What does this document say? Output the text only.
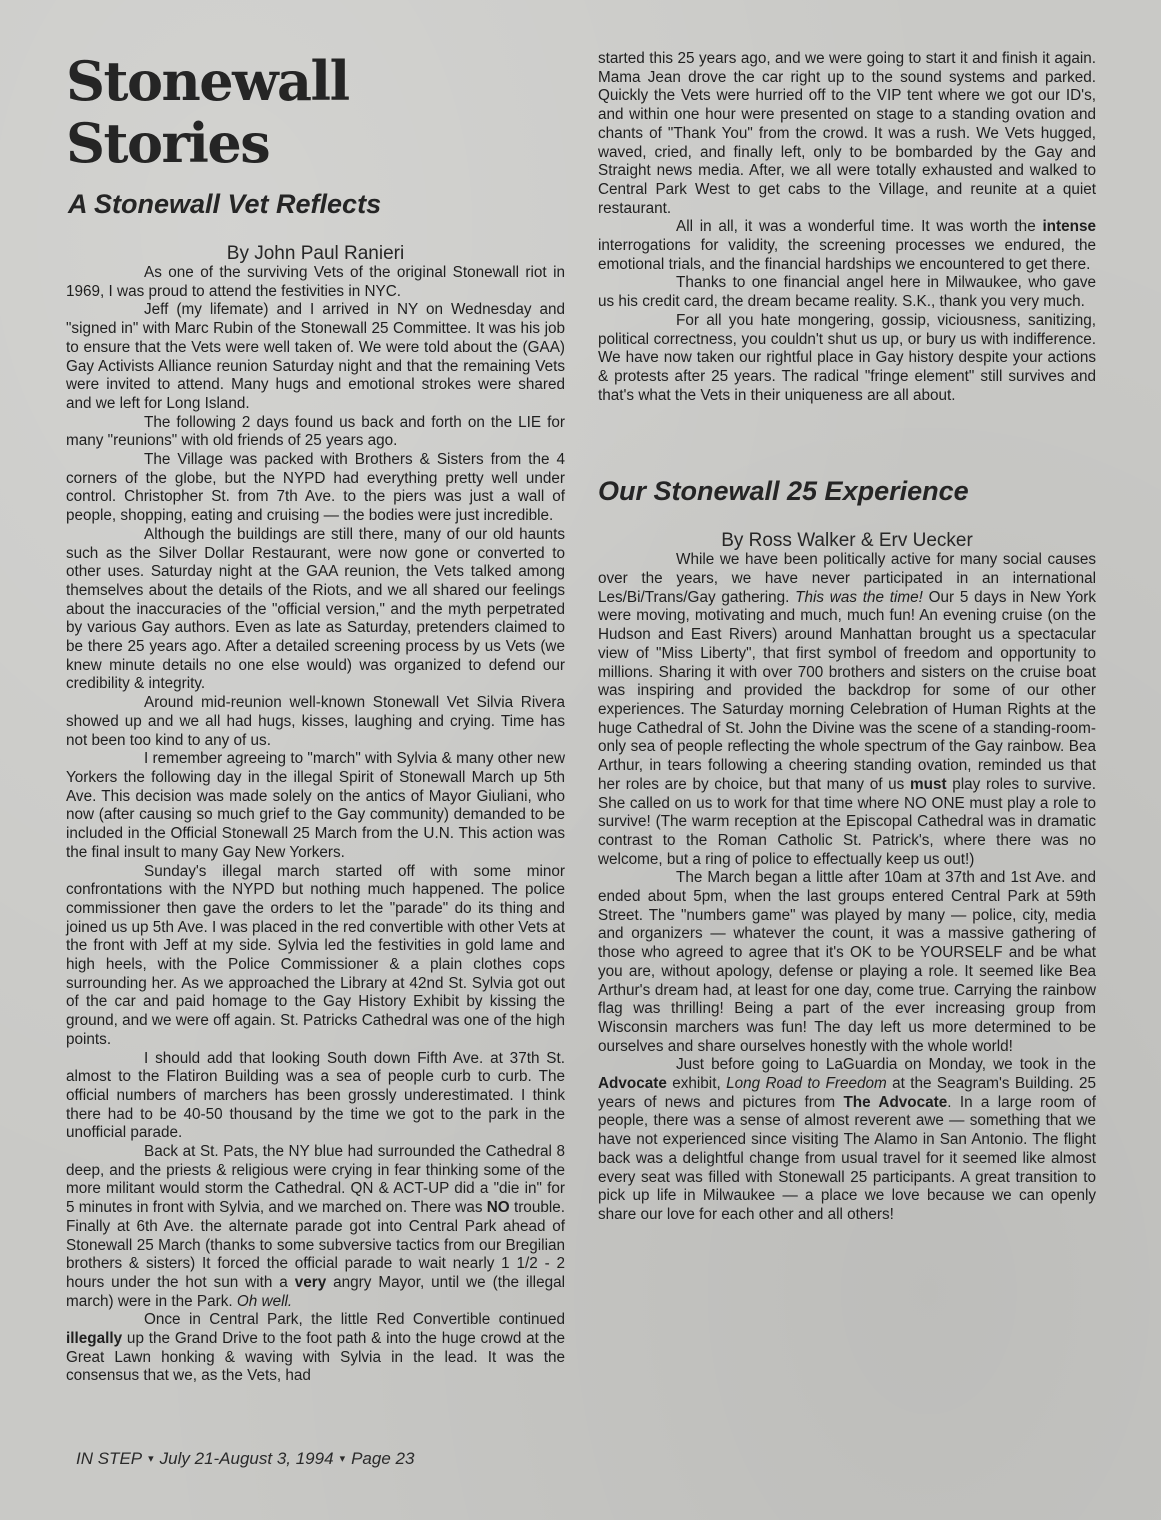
Stonewall Stories
A Stonewall Vet Reflects
By John Paul Ranieri

As one of the surviving Vets of the original Stonewall riot in 1969, I was proud to attend the festivities in NYC.

Jeff (my lifemate) and I arrived in NY on Wednesday and "signed in" with Marc Rubin of the Stonewall 25 Committee. It was his job to ensure that the Vets were well taken of. We were told about the (GAA) Gay Activists Alliance reunion Saturday night and that the remaining Vets were invited to attend. Many hugs and emotional strokes were shared and we left for Long Island.

The following 2 days found us back and forth on the LIE for many "reunions" with old friends of 25 years ago.

The Village was packed with Brothers & Sisters from the 4 corners of the globe, but the NYPD had everything pretty well under control. Christopher St. from 7th Ave. to the piers was just a wall of people, shopping, eating and cruising — the bodies were just incredible.

Although the buildings are still there, many of our old haunts such as the Silver Dollar Restaurant, were now gone or converted to other uses. Saturday night at the GAA reunion, the Vets talked among themselves about the details of the Riots, and we all shared our feelings about the inaccuracies of the "official version," and the myth perpetrated by various Gay authors. Even as late as Saturday, pretenders claimed to be there 25 years ago. After a detailed screening process by us Vets (we knew minute details no one else would) was organized to defend our credibility & integrity.

Around mid-reunion well-known Stonewall Vet Silvia Rivera showed up and we all had hugs, kisses, laughing and crying. Time has not been too kind to any of us.

I remember agreeing to "march" with Sylvia & many other new Yorkers the following day in the illegal Spirit of Stonewall March up 5th Ave. This decision was made solely on the antics of Mayor Giuliani, who now (after causing so much grief to the Gay community) demanded to be included in the Official Stonewall 25 March from the U.N. This action was the final insult to many Gay New Yorkers.

Sunday's illegal march started off with some minor confrontations with the NYPD but nothing much happened. The police commissioner then gave the orders to let the "parade" do its thing and joined us up 5th Ave. I was placed in the red convertible with other Vets at the front with Jeff at my side. Sylvia led the festivities in gold lame and high heels, with the Police Commissioner & a plain clothes cops surrounding her. As we approached the Library at 42nd St. Sylvia got out of the car and paid homage to the Gay History Exhibit by kissing the ground, and we were off again. St. Patricks Cathedral was one of the high points.

I should add that looking South down Fifth Ave. at 37th St. almost to the Flatiron Building was a sea of people curb to curb. The official numbers of marchers has been grossly underestimated. I think there had to be 40-50 thousand by the time we got to the park in the unofficial parade.

Back at St. Pats, the NY blue had surrounded the Cathedral 8 deep, and the priests & religious were crying in fear thinking some of the more militant would storm the Cathedral. QN & ACT-UP did a "die in" for 5 minutes in front with Sylvia, and we marched on. There was NO trouble. Finally at 6th Ave. the alternate parade got into Central Park ahead of Stonewall 25 March (thanks to some subversive tactics from our Bregilian brothers & sisters) It forced the official parade to wait nearly 1 1/2 - 2 hours under the hot sun with a very angry Mayor, until we (the illegal march) were in the Park. Oh well.

Once in Central Park, the little Red Convertible continued illegally up the Grand Drive to the foot path & into the huge crowd at the Great Lawn honking & waving with Sylvia in the lead. It was the consensus that we, as the Vets, had

started this 25 years ago, and we were going to start it and finish it again. Mama Jean drove the car right up to the sound systems and parked. Quickly the Vets were hurried off to the VIP tent where we got our ID's, and within one hour were presented on stage to a standing ovation and chants of "Thank You" from the crowd. It was a rush. We Vets hugged, waved, cried, and finally left, only to be bombarded by the Gay and Straight news media. After, we all were totally exhausted and walked to Central Park West to get cabs to the Village, and reunite at a quiet restaurant.

All in all, it was a wonderful time. It was worth the intense interrogations for validity, the screening processes we endured, the emotional trials, and the financial hardships we encountered to get there.

Thanks to one financial angel here in Milwaukee, who gave us his credit card, the dream became reality. S.K., thank you very much.

For all you hate mongering, gossip, viciousness, sanitizing, political correctness, you couldn't shut us up, or bury us with indifference. We have now taken our rightful place in Gay history despite your actions & protests after 25 years. The radical "fringe element" still survives and that's what the Vets in their uniqueness are all about.

Our Stonewall 25 Experience
By Ross Walker & Erv Uecker

While we have been politically active for many social causes over the years, we have never participated in an international Les/Bi/Trans/Gay gathering. This was the time! Our 5 days in New York were moving, motivating and much, much fun! An evening cruise (on the Hudson and East Rivers) around Manhattan brought us a spectacular view of "Miss Liberty", that first symbol of freedom and opportunity to millions. Sharing it with over 700 brothers and sisters on the cruise boat was inspiring and provided the backdrop for some of our other experiences. The Saturday morning Celebration of Human Rights at the huge Cathedral of St. John the Divine was the scene of a standing-room- only sea of people reflecting the whole spectrum of the Gay rainbow. Bea Arthur, in tears following a cheering standing ovation, reminded us that her roles are by choice, but that many of us must play roles to survive. She called on us to work for that time where NO ONE must play a role to survive! (The warm reception at the Episcopal Cathedral was in dramatic contrast to the Roman Catholic St. Patrick's, where there was no welcome, but a ring of police to effectually keep us out!)

The March began a little after 10am at 37th and 1st Ave. and ended about 5pm, when the last groups entered Central Park at 59th Street. The "numbers game" was played by many — police, city, media and organizers — whatever the count, it was a massive gathering of those who agreed to agree that it's OK to be YOURSELF and be what you are, without apology, defense or playing a role. It seemed like Bea Arthur's dream had, at least for one day, come true. Carrying the rainbow flag was thrilling! Being a part of the ever increasing group from Wisconsin marchers was fun! The day left us more determined to be ourselves and share ourselves honestly with the whole world!

Just before going to LaGuardia on Monday, we took in the Advocate exhibit, Long Road to Freedom at the Seagram's Building. 25 years of news and pictures from The Advocate. In a large room of people, there was a sense of almost reverent awe — something that we have not experienced since visiting The Alamo in San Antonio. The flight back was a delightful change from usual travel for it seemed like almost every seat was filled with Stonewall 25 participants. A great transition to pick up life in Milwaukee — a place we love because we can openly share our love for each other and all others!

IN STEP ▾ July 21-August 3, 1994 ▾ Page 23
